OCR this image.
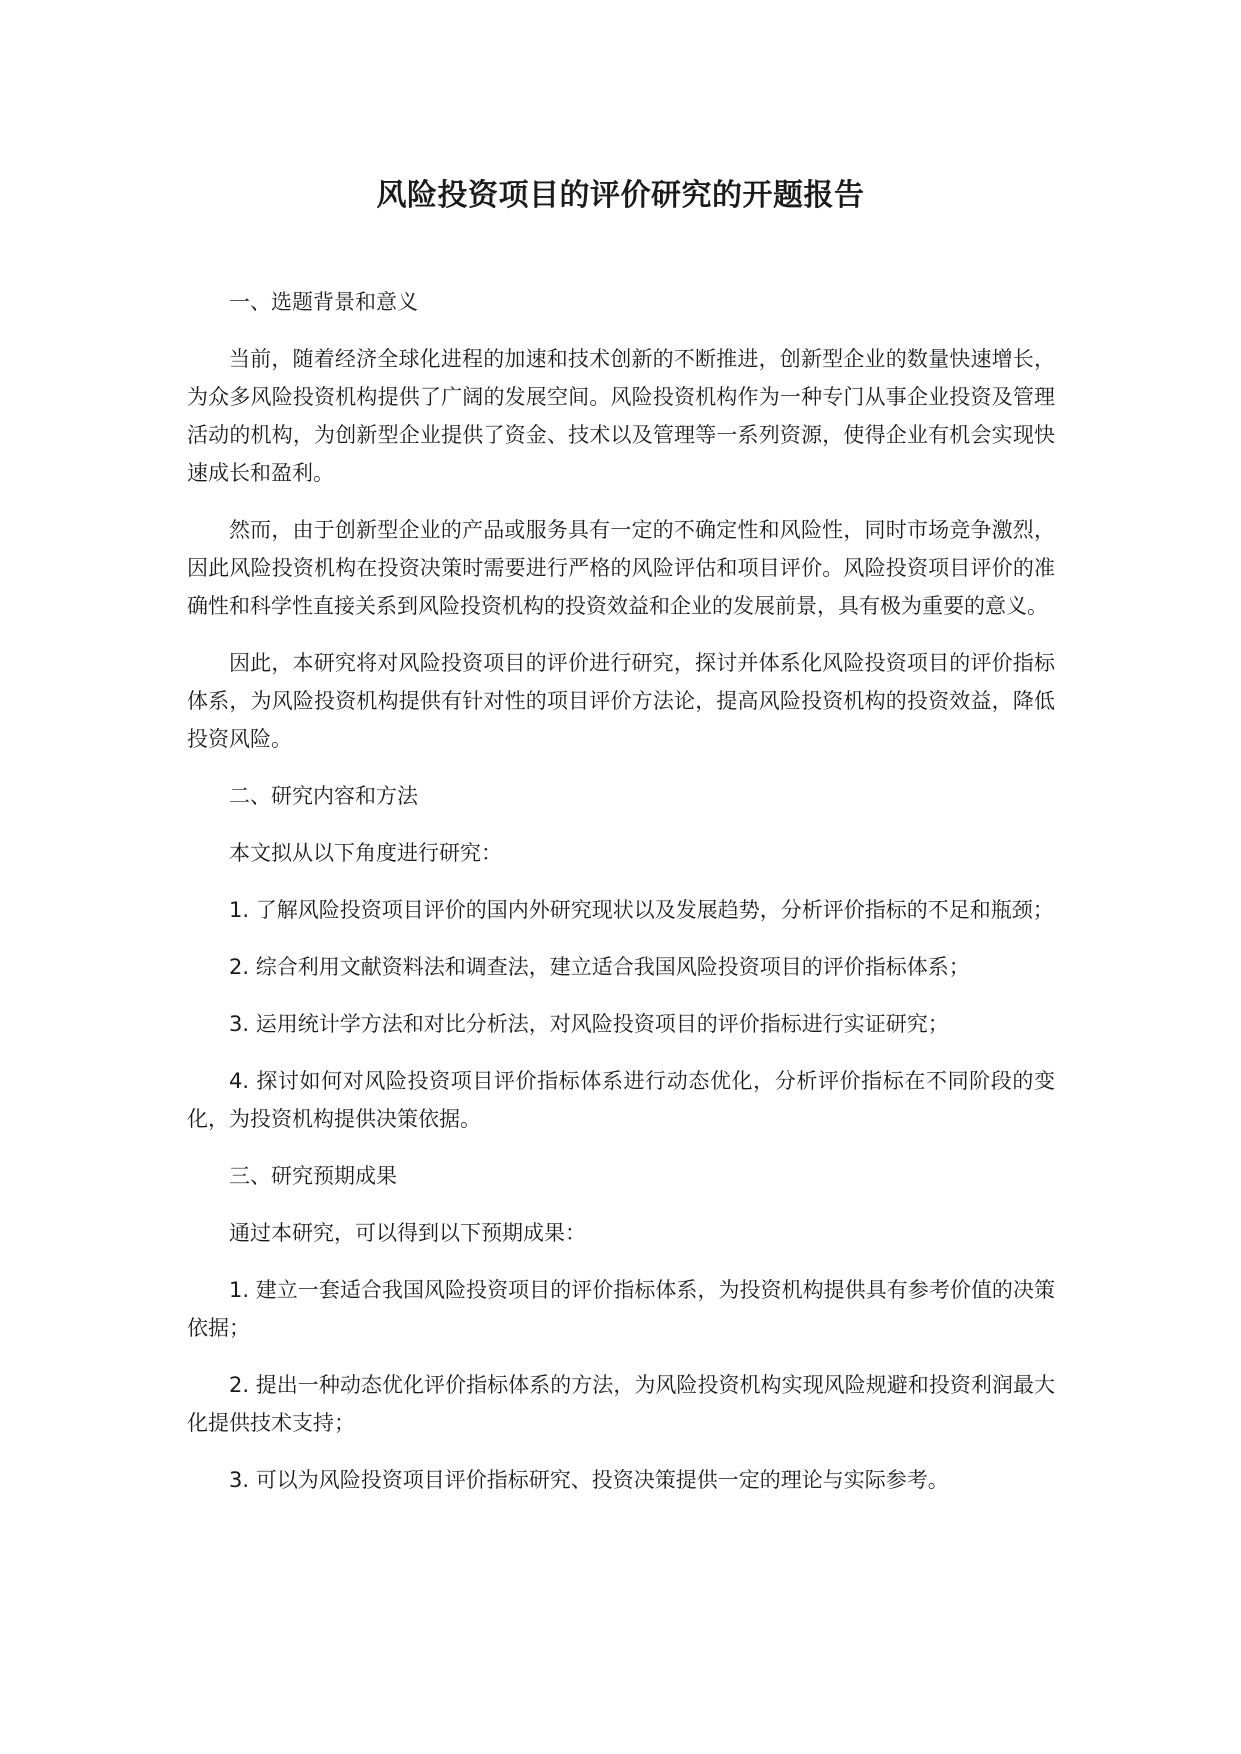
风险投资项目的评价研究的开题报告

一、选题背景和意义

当前，随着经济全球化进程的加速和技术创新的不断推进，创新型企业的数量快速增长，为众多风险投资机构提供了广阔的发展空间。风险投资机构作为一种专门从事企业投资及管理活动的机构，为创新型企业提供了资金、技术以及管理等一系列资源，使得企业有机会实现快速成长和盈利。

然而，由于创新型企业的产品或服务具有一定的不确定性和风险性，同时市场竞争激烈，因此风险投资机构在投资决策时需要进行严格的风险评估和项目评价。风险投资项目评价的准确性和科学性直接关系到风险投资机构的投资效益和企业的发展前景，具有极为重要的意义。

因此，本研究将对风险投资项目的评价进行研究，探讨并体系化风险投资项目的评价指标体系，为风险投资机构提供有针对性的项目评价方法论，提高风险投资机构的投资效益，降低投资风险。

二、研究内容和方法

本文拟从以下角度进行研究：

1. 了解风险投资项目评价的国内外研究现状以及发展趋势，分析评价指标的不足和瓶颈；

2. 综合利用文献资料法和调查法，建立适合我国风险投资项目的评价指标体系；

3. 运用统计学方法和对比分析法，对风险投资项目的评价指标进行实证研究；

4. 探讨如何对风险投资项目评价指标体系进行动态优化，分析评价指标在不同阶段的变化，为投资机构提供决策依据。

三、研究预期成果

通过本研究，可以得到以下预期成果：

1. 建立一套适合我国风险投资项目的评价指标体系，为投资机构提供具有参考价值的决策依据；

2. 提出一种动态优化评价指标体系的方法，为风险投资机构实现风险规避和投资利润最大化提供技术支持；

3. 可以为风险投资项目评价指标研究、投资决策提供一定的理论与实际参考。
